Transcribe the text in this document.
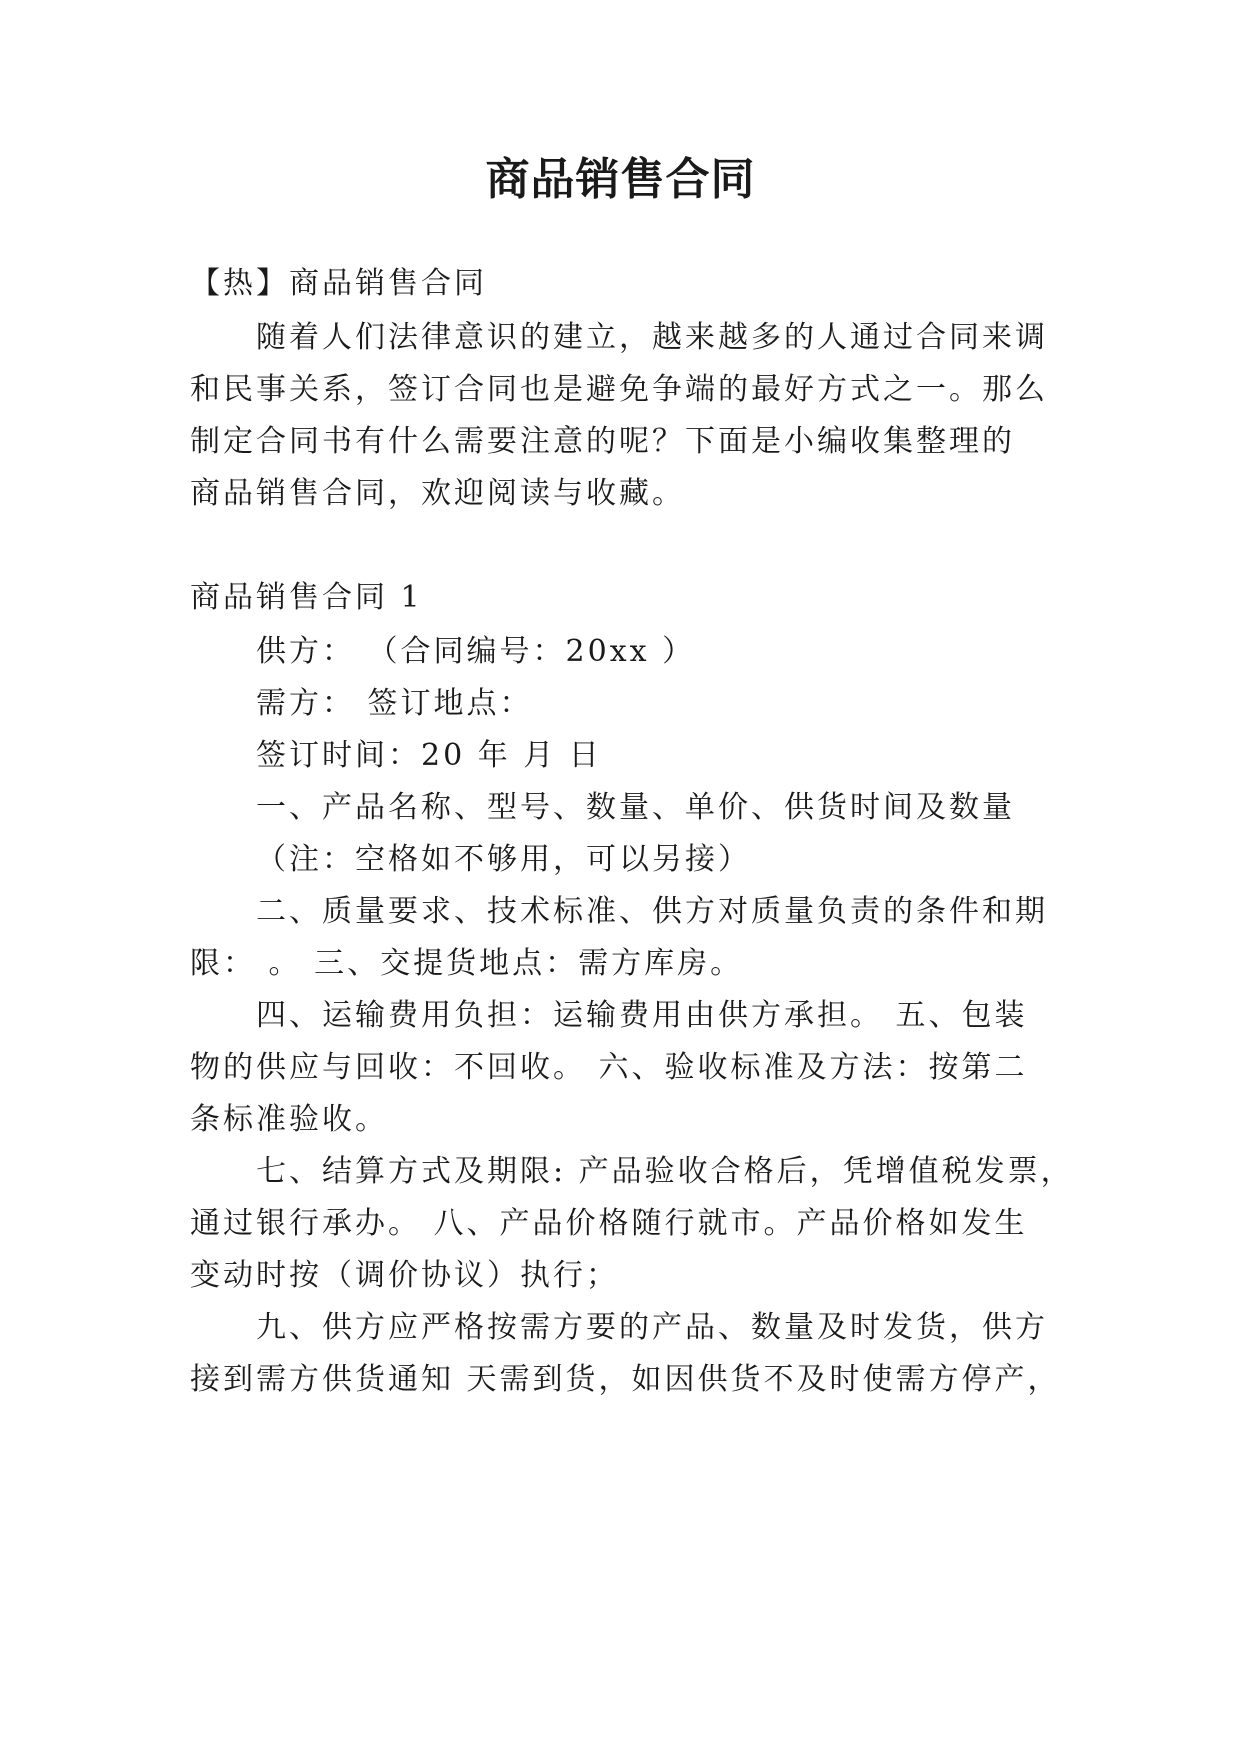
商品销售合同
【热】商品销售合同
随着人们法律意识的建立，越来越多的人通过合同来调
和民事关系，签订合同也是避免争端的最好方式之一。那么
制定合同书有什么需要注意的呢？下面是小编收集整理的
商品销售合同，欢迎阅读与收藏。
商品销售合同 1
供方： （合同编号：20xx ）
需方： 签订地点：
签订时间：20 年 月 日
一、产品名称、型号、数量、单价、供货时间及数量
（注：空格如不够用，可以另接）
二、质量要求、技术标准、供方对质量负责的条件和期
限： 。 三、交提货地点：需方库房。
四、运输费用负担：运输费用由供方承担。 五、包装
物的供应与回收：不回收。 六、验收标准及方法：按第二
条标准验收。
七、结算方式及期限: 产品验收合格后，凭增值税发票，
通过银行承办。 八、产品价格随行就市。产品价格如发生
变动时按（调价协议）执行；
九、供方应严格按需方要的产品、数量及时发货，供方
接到需方供货通知 天需到货，如因供货不及时使需方停产，
